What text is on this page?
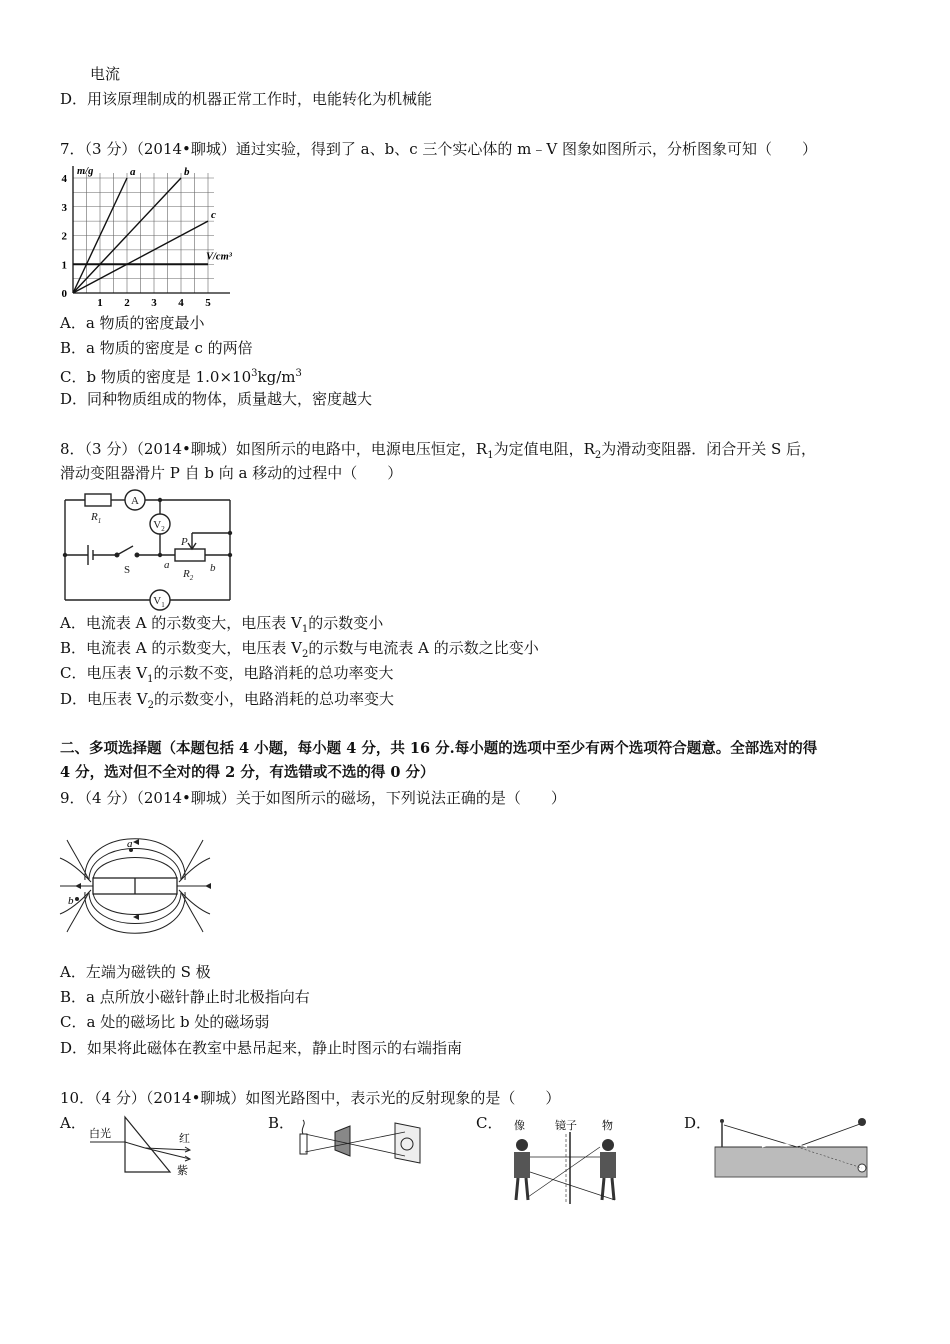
电流
D．用该原理制成的机器正常工作时，电能转化为机械能
7．（3 分）（2014•聊城）通过实验，得到了 a、b、c 三个实心体的 m﹣V 图象如图所示，分析图象可知（　　）
1 2 3 4 5
1
2
3
4
0
a	b
c
V/cm³
m/g
A．a 物质的密度最小
B．a 物质的密度是 c 的两倍
C．b 物质的密度是 $1.0\times 10^3kg/m^3$
D．同种物质组成的物体，质量越大，密度越大
8．（3 分）（2014•聊城）如图所示的电路中，电源电压恒定，$R_1$为定值电阻，$R_2$为滑动变阻器．闭合开关 S 后，
滑动变阻器滑片 P 自 b 向 a 移动的过程中（　　）
$R_1$
$R_2$
P
a	b
A
$V_2$
$V_1$
S
A．电流表 A 的示数变大，电压表 $V_1$的示数变小
B．电流表 A 的示数变大，电压表 $V_2$的示数与电流表 A 的示数之比变小
C．电压表 $V_1$的示数不变，电路消耗的总功率变大
D．电压表 $V_2$的示数变小，电路消耗的总功率变大
二、多项选择题（本题包括 4 小题，每小题 4 分，共 16 分.每小题的选项中至少有两个选项符合题意。全部选对的得
4 分，选对但不全对的得 2 分，有选错或不选的得 0 分）
9．（4 分）（2014•聊城）关于如图所示的磁场，下列说法正确的是（　　）
a
b
A．左端为磁铁的 S 极
B．a 点所放小磁针静止时北极指向右
C．a 处的磁场比 b 处的磁场弱
D．如果将此磁体在教室中悬吊起来，静止时图示的右端指南
10．（4 分）（2014•聊城）如图光路图中，表示光的反射现象的是（　　）
A．
白光	红
紫
B．	C． 像	镜子 物	D．
